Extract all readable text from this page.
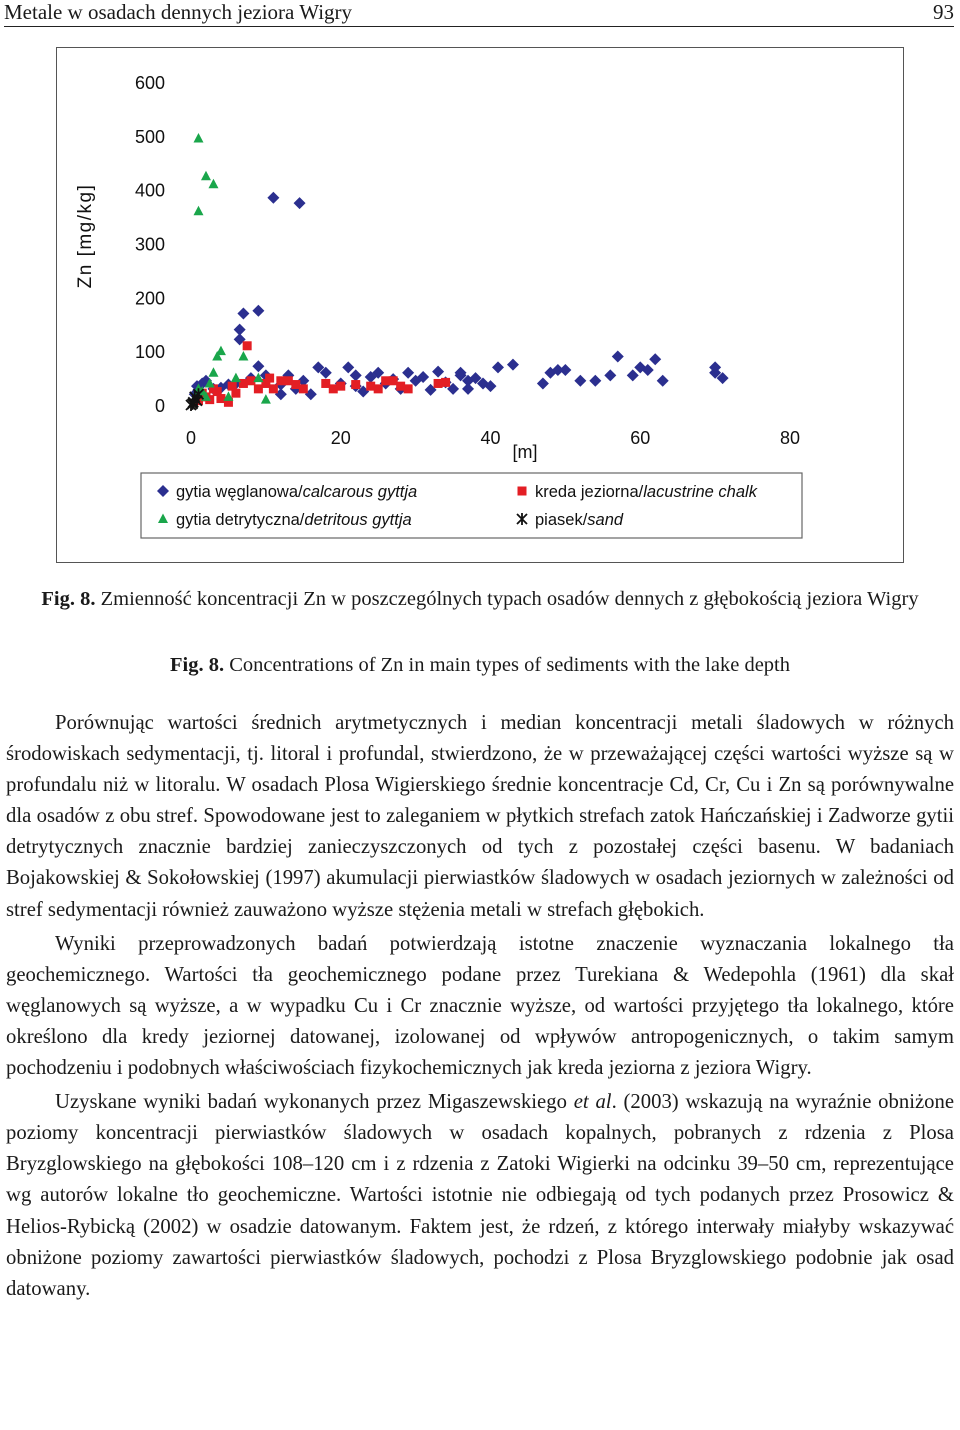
Metale w osadach dennych jeziora Wigry	93
600
500
400
300
200
100
0
0	20	40	60	80
Zn [mg/kg]
[m]
gytia węglanowa/calcarous gyttja	kreda jeziorna/lacustrine chalk
gytia detrytyczna/detritous gyttja	piasek/sand
Fig. 8. Zmienność koncentracji Zn w poszczególnych typach osadów dennych z głębokością jeziora Wigry
Fig. 8. Concentrations of Zn in main types of sediments with the lake depth

Porównując wartości średnich arytmetycznych i median koncentracji metali śladowych w różnych środowiskach sedymentacji, tj. litoral i profundal, stwierdzono, że w przeważającej części wartości wyższe są w profundalu niż w litoralu. W osadach Plosa Wigierskiego średnie koncentracje Cd, Cr, Cu i Zn są porównywalne dla osadów z obu stref. Spowodowane jest to zaleganiem w płytkich strefach zatok Hańczańskiej i Zadworze gytii detrytycznych znacznie bardziej zanieczyszczonych od tych z pozostałej części basenu. W badaniach Bojakowskiej & Sokołowskiej (1997) akumulacji pierwiastków śladowych w osadach jeziornych w zależności od stref sedymentacji również zauważono wyższe stężenia metali w strefach głębokich.

Wyniki przeprowadzonych badań potwierdzają istotne znaczenie wyznaczania lokalnego tła geochemicznego. Wartości tła geochemicznego podane przez Turekiana & Wedepohla (1961) dla skał węglanowych są wyższe, a w wypadku Cu i Cr znacznie wyższe, od wartości przyjętego tła lokalnego, które określono dla kredy jeziornej datowanej, izolowanej od wpływów antropogenicznych, o takim samym pochodzeniu i podobnych właściwościach fizykochemicznych jak kreda jeziorna z jeziora Wigry.

Uzyskane wyniki badań wykonanych przez Migaszewskiego et al. (2003) wskazują na wyraźnie obniżone poziomy koncentracji pierwiastków śladowych w osadach kopalnych, pobranych z rdzenia z Plosa Bryzglowskiego na głębokości 108–120 cm i z rdzenia z Zatoki Wigierki na odcinku 39–50 cm, reprezentujące wg autorów lokalne tło geochemiczne. Wartości istotnie nie odbiegają od tych podanych przez Prosowicz & Helios-Rybicką (2002) w osadzie datowanym. Faktem jest, że rdzeń, z którego interwały miałyby wskazywać obniżone poziomy zawartości pierwiastków śladowych, pochodzi z Plosa Bryzglowskiego podobnie jak osad datowany.
